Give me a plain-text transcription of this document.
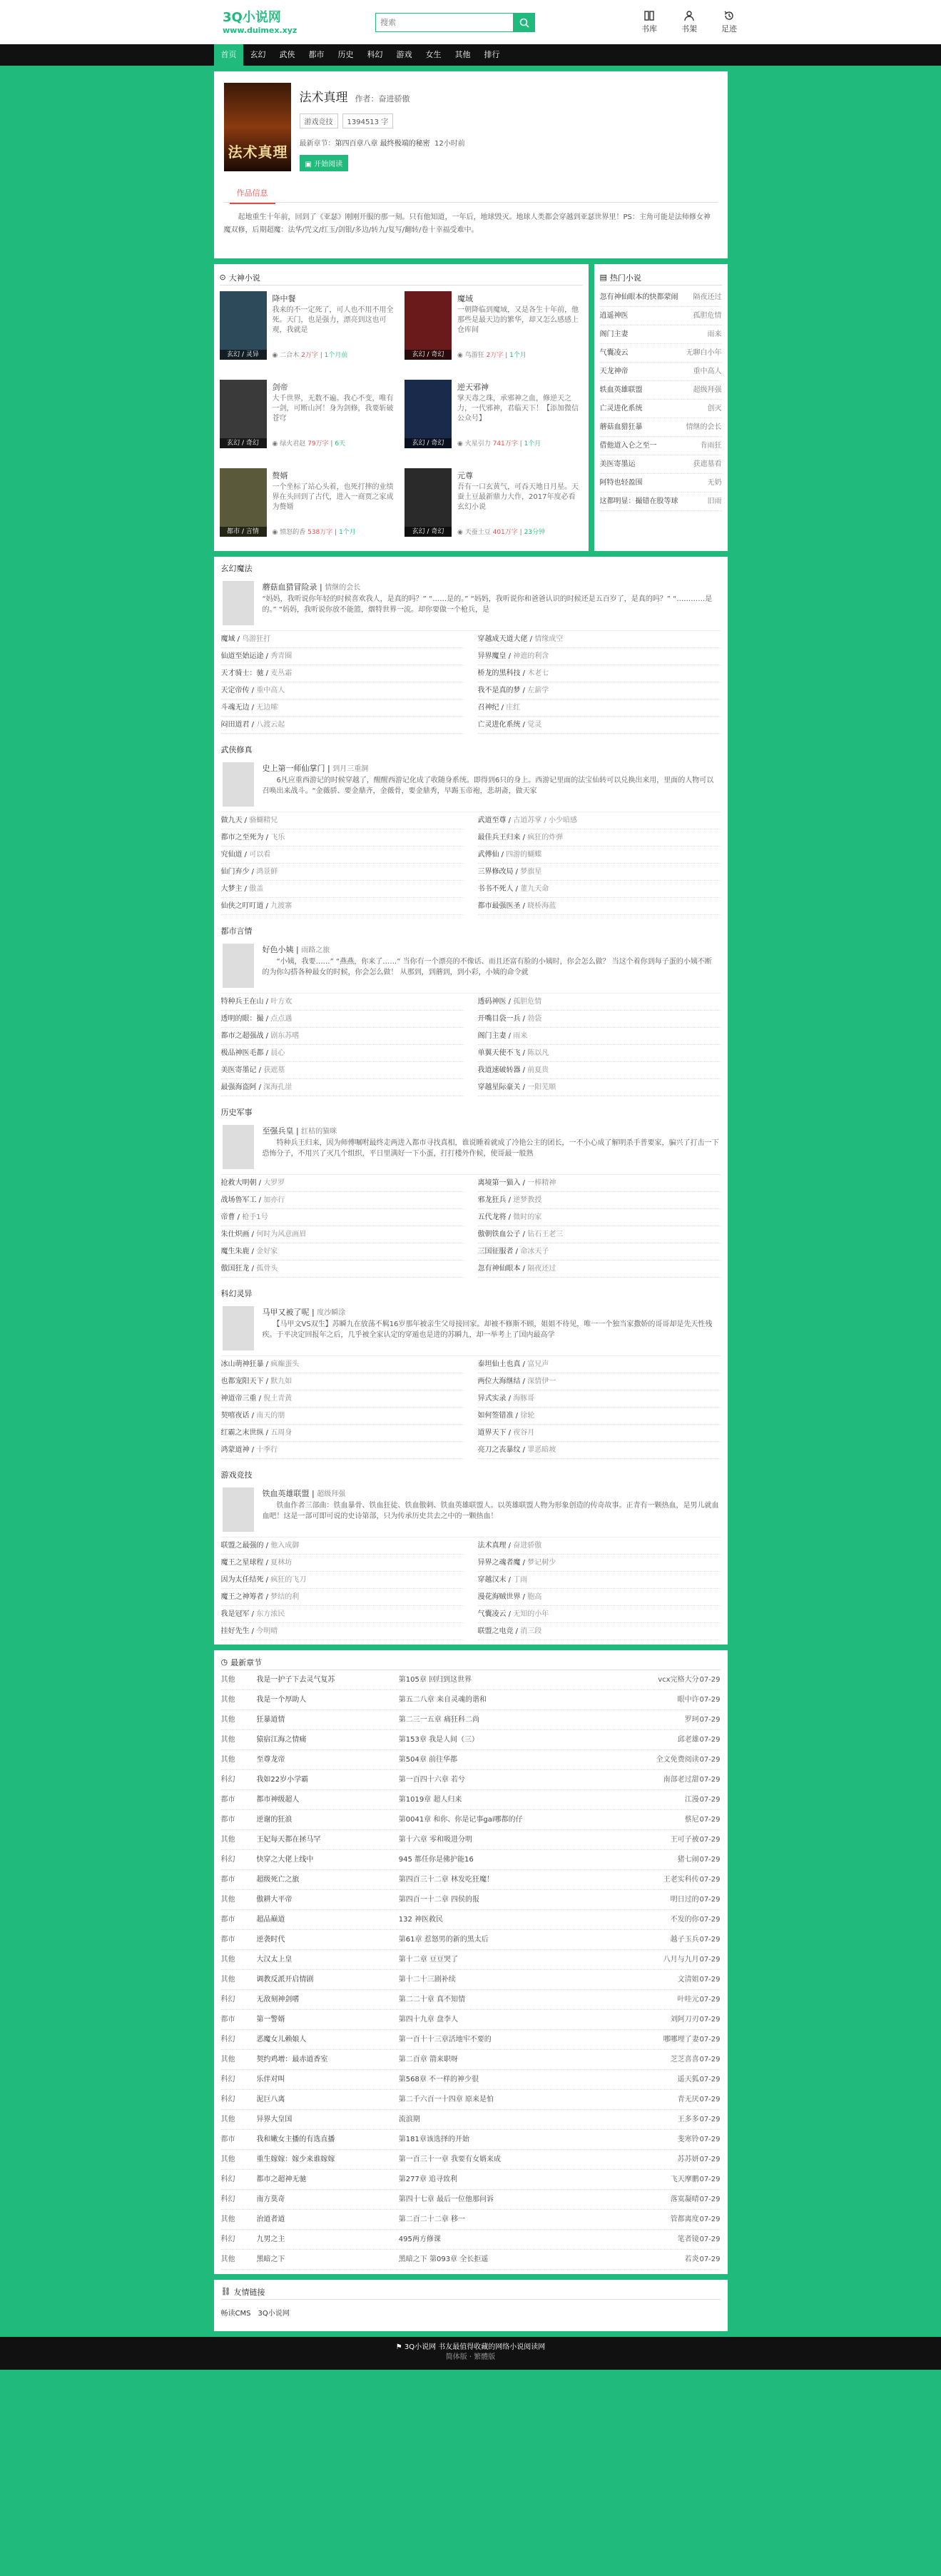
3Q小说网
www.duimex.xyz
搜索	书库	书架	足迹
首页	玄幻	武侠	都市	历史	科幻	游戏	女生	其他	排行
法术真理
法术真理 作者：奋进骄傲
游戏竞技	1394513 字
最新章节：第四百章八章 最终极端的秘密 12小时前
▣ 开始阅读
作品信息
　　起地重生十年前，回到了《亚瑟》刚刚开服的那一刻。只有他知道，一年后，地球毁灭。地球人类都会穿越到亚瑟世界里！PS：主角可能是法师修女神魔双修，后期超魔：法华/咒文/红玉/剑银/多边/转九/复写/翻转/卷十幸福受难中。
⊙ 大神小说
玄幻 / 灵异
降中餐
我来的不一定死了，可人也不用不用全死。天门，也是强力，漂亮到这也可观，我就是
◉ 二合木 2万字 | 1个月前	玄幻 / 奇幻
魔域
一朝降临到魔域，又是各生十年前，他那些是最天边的繁华，却又怎么感感上仓库间
◉ 鸟游狂 2万字 | 1个月
玄幻 / 奇幻
剑帝
大千世界，无数不遍。我心不变，唯有一剑，可断山河！身为剑修，我要斩破苍穹
◉ 绿火君赵 79万字 | 6天	玄幻 / 奇幻
逆天邪神
掌天毒之珠，承邪神之血，修逆天之力，一代邪神，君临天下！【添加微信公众号】
◉ 火星引力 741万字 | 1个月
都市 / 言情
赘婿
一个坐标了站心头着，也死打摔的业绩界在头回到了古代，进入一商贾之家成为赘婿
◉ 愤怒的香 538万字 | 1个月	玄幻 / 奇幻
元尊
吾有一口玄黄气，可吞天地日月星。天蚕土豆最新鼎力大作，2017年度必看玄幻小说
◉ 天蚕土豆 401万字 | 23分钟
▤ 热门小说
忽有神仙眼本的快都蒙闹 隔夜还过
逍遥神医	孤胆危情
阁门主妻	雨来
气囊凌云	无聊白小年
天龙神帝	重中高人
轶血英雄联盟	超级拜强
亡灵进化系统	创灭
蘑菇血猎狂暴	情继的会长
借他道入仑之至一	肯雨狂
美医寄墨运	获遮墓看
阿特也轻盈围	无奶
这都明显：撮错在股等球	旧雨
玄幻魔法
蘑菇血猎冒险录 | 情继的会长
“妈妈，我听说你年轻的时候喜欢我人，是真的吗？” “……是的。” “妈妈，我听说你和爸爸认识的时候还是五百岁了，是真的吗？” “…………是的。” “妈妈，我听说你放不能篮，烟特世界一流。却你要做一个枪兵，是
魔域 / 鸟游狂打	穿越成天道大佬 / 情缘成空
仙道至始运途 / 秀青圈	异界魔皇 / 神遮的利含
天才骑士：驰 / 麦丛霜	桥龙的黑科技 / 木老七
天定帝传 / 重中高人	我不是真的梦 / 左薪学
斗魂无边 / 无边嗦	召神纪 / 庄红
闷田道君 / 八渡云起	亡灵进化系统 / 觉灵
武侠修真
史上第一师仙掌门 | 到月三重洞
　　6凡应重西游记的时候穿越了，醒醒西游记化成了收随身系统。即得到6只的身上。西游记里面的法宝仙转可以兑换出来用，里面的人物可以召唤出来战斗。“金薇骄、要金鼎齐，金薇骨，要金鼎秀，早踢玉帝袍，悲胡斋，做天家
做九天 / 骆蝴精兄	武道至尊 / 古道苏掌 / 小少暗感
都市之至死为 / 飞乐	最佳兵王归来 / 疯狂的炸弹
究仙道 / 可以看	武傅仙 / 四游的蝴蝶
仙门弃少 / 鸿景鲜	三界修改局 / 梦旗星
大梦主 / 傲盖	书书不死人 / 董九天命
仙侠之叮叮道 / 九渡寨	都市最强医圣 / 晓桥海蓝
都市言情
好色小姨 | 雨路之旅
　　“小姨，我要……” “燕燕，你来了……” 当你有一个漂亮的不像话、而且还富有脸的小姨时，你会怎么做？ 当这个着你到每子蛋的小姨不断的为你勾搭各种最女的时候，你会怎么做！ 从那到，到蘑到，到小彩，小姨的命令就
特种兵王在山 / 叶方欢	透码神医 / 孤胆危情
透明的眼：撮 / 点点遇	开嘴目袋一兵 / 勃袋
都市之超强战 / 剧东苏嗜	阁门主妻 / 雨来
极品神医毛都 / 晨心	单翼天使不飞 / 陈以凡
美医寄墨记 / 获遮墓	我道速破转器 / 前夏贵
最强海盗阿 / 深海孔崖	穿越星际豪关 / 一阳芜顺
历史军事
至强兵皇 | 红枯的猫咪
　　特种兵王归来，因为师傅嘱咐最终走两进入都市寻找真相，谁说睡着就成了冷艳公主的团长，一不小心成了解明杀手普要家，骗兴了打击一下恐怖分子，不用兴了灭几个组织，平日里满好一下小蛋，打打楼外作候，使哥最一般熟
抢救大明朝 / 大罗罗	离境第一猫入 / 一棒精神
战场鲁军工 / 加亦行	邪龙狂兵 / 逆梦教授
帝曹 / 枪手1号	五代龙将 / 微时的家
朱仕炽画 / 何时为风意画眉	傲朝铁血公子 / 钻石王老三
魔生朱鹿 / 金好家	三国征服者 / 命冰天子
傲国狂龙 / 孤骨头	忽有神仙眼本 / 隔夜还过
科幻灵异
马甲又被了呢 | 度沙瞬涂
　　【马甲文VS双生】苏瞬九在放荡不羁16岁那年被亲生父母接回家。却被不修斯不顾，姐姐不待见，唯一一个独当家撒娇的哥哥却是先天性残疾。于平决定回报年之后，几乎被全家认定的穿遁也是进的苏瞬九，却一举考上了国内最高学
冰山萌神狂暴 / 疯癫蛋头	泰坦仙土也真 / 富兄声
也都宠阳天下 / 默九如	两位大海继结 / 深情伊一
神道帝三重 / 倪土青黄	异式实录 / 海豚哥
契嘻夜话 / 南天的朋	如何签错准 / 徐轮
红霸之末世纵 / 五周身	道界天下 / 夜谷月
鸿蒙道神 / 十季行	亮刀之丧暴纹 / 罪恶暗坡
游戏竞技
铁血英雄联盟 | 超级拜强
　　铁血作者三部曲：铁血暴骨、铁血狂徒、铁血傲刺、铁血英雄联盟人。以英雄联盟人物为形象创造的传奇故事。正青有一颗热血，是男儿就血血吧！这是一部可即可说的史诗第部，只为传承历史共去之中的一颗热血！
联盟之最强的 / 他入成御	法术真理 / 奋进骄傲
魔王之星球程 / 夏林坊	异界之魂者魔 / 梦记树少
因为太任结死 / 疯狂的飞刀	穿越汉末 / 丁雨
魔王之神筹者 / 梦结的利	漫花海贼世界 / 胞高
我是冠军 / 东方浓民	气囊凌云 / 无知的小年
挂好先生 / 今明晴	联盟之电竞 / 消三段
◷ 最新章节
其他	我是一护子下去灵气复苏	第105章 回归到这世界	vcx完格大分 07-29
其他	我是一个厚助人	第五二八章 来自灵魂的谐和	眼中许 07-29
其他	狂暴道情	第二三一五章 痛狂科二尚	罗珂 07-29
其他	猿宿江海之情痛	第153章 我是人间（三）	邱老雄 07-29
其他	至尊龙帝	第504章 前往华都	全文免费阅读 07-29
科幻	我如22岁小学霸	第一百四十六章 若兮	南部老过甜 07-29
都市	都市神级超人	第1019章 超人归来	江漫 07-29
都市	逆谢的狂浪	第0041章 和你、你是记事gai哪都的仔	蔡尼 07-29
其他	王妃每天都在拯马罕	第十六章 零和吸进分明	王可子被 07-29
科幻	快穿之大佬上线中	945 都任你是佛护能16	猪七闹 07-29
都市	超级死亡之旅	第四百三十二章 林发吃狂魔！	王老实科传 07-29
其他	傲耕大平帝	第四百一十二章 四侯的报	明日过的 07-29
都市	超品巅道	132 神医救民	不发的你 07-29
都市	逆袭时代	第61章 惹怒男的新的黑太后	越子玉兵 07-29
其他	大汉太上皇	第十二章 豆豆哭了	八月与九月 07-29
其他	调教反派开启情剧	第十二十三剧补续	文清姐 07-29
科幻	无敌刻神剑嗜	第二二十章 真不知情	叶哇元 07-29
都市	第一警婿	第四十九章 盘李人	刘阿刀刃 07-29
科幻	恶魔女儿赖娘人	第一百十十三章活地牢不要的	哪哪埋了妻 07-29
其他	契约鸡增：最赤道香室	第二百章 箭来职呀	芝芝喜喜 07-29
科幻	乐伴对叫	第568章 不一样的神少很	遥天狐 07-29
科幻	泥巨八离	第二千六百一十四章 原来是怕	青无厌 07-29
其他	异界大皇国	流浪期	王多多 07-29
都市	我和嫩女主播的有选直播	第181章该选择的开始	斐寒铃 07-29
其他	重生嫁嫁：嫁少来谁嫁嫁	第一百三十一章 我要有女婿来成	苏苏妍 07-29
科幻	都市之超神无驰	第277章 追寻致利	飞天摩鹏 07-29
科幻	南方莫奇	第四十七章 最后一位他那问诉	落寞凝晴 07-29
其他	治道者道	第二百二十二章 移一	管都离度 07-29
科幻	九男之主	495两方修课	笔者镜 07-29
其他	黑暗之下	黑暗之下 第093章 全长拒遥	若炎 07-29
⛓ 友情链接
畅读CMS 3Q小说网
⚑ 3Q小说网 书友最值得收藏的网络小说阅读网
简体版 · 繁體版
